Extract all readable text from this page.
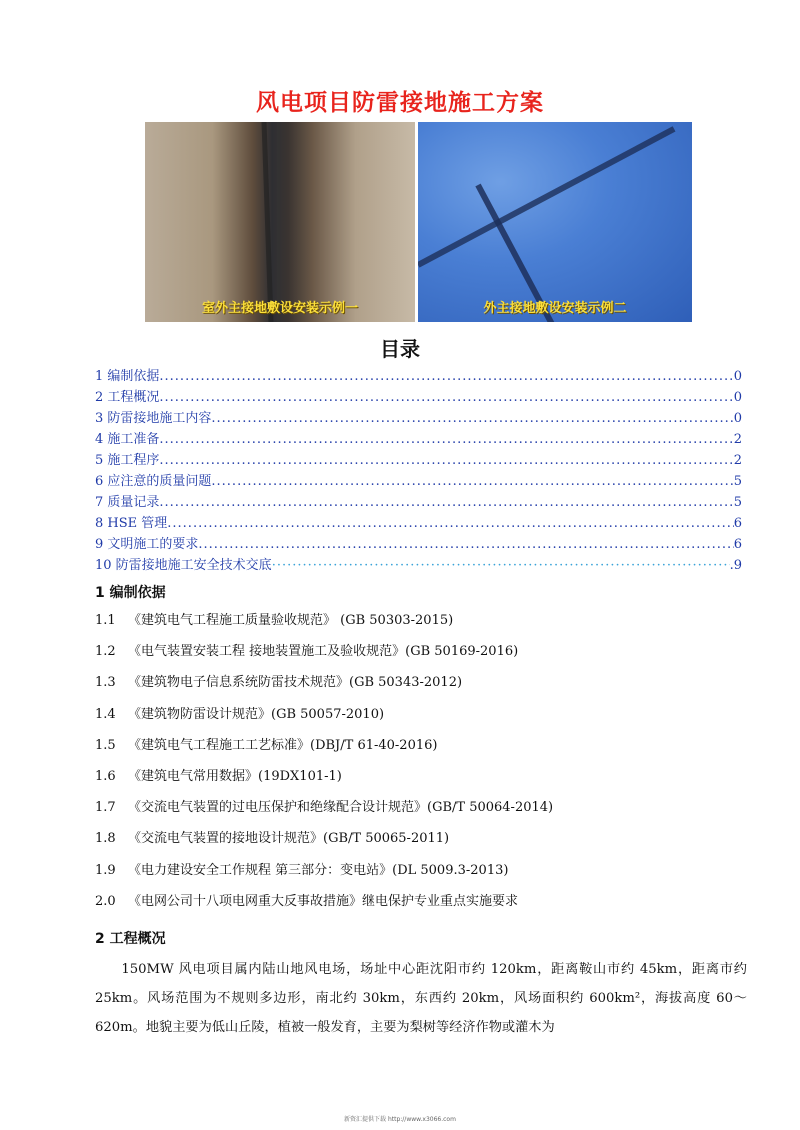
风电项目防雷接地施工方案
室外主接地敷设安装示例一	外主接地敷设安装示例二
目录
1 编制依据 .....	0
2 工程概况 .....	0
3 防雷接地施工内容 .....	0
4 施工准备 .....	2
5 施工程序 .....	2
6 应注意的质量问题 .....	5
7 质量记录 .....	5
8 HSE 管理 .....	6
9 文明施工的要求 .....	6
10 防雷接地施工安全技术交底 ·····	.9
1 编制依据
1.1 《建筑电气工程施工质量验收规范》 (GB 50303-2015)
1.2 《电气装置安装工程 接地装置施工及验收规范》(GB 50169-2016)
1.3 《建筑物电子信息系统防雷技术规范》(GB 50343-2012)
1.4 《建筑物防雷设计规范》(GB 50057-2010)
1.5 《建筑电气工程施工工艺标准》(DBJ/T 61-40-2016)
1.6 《建筑电气常用数据》(19DX101-1)
1.7 《交流电气装置的过电压保护和绝缘配合设计规范》(GB/T 50064-2014)
1.8 《交流电气装置的接地设计规范》(GB/T 50065-2011)
1.9 《电力建设安全工作规程 第三部分：变电站》(DL 5009.3-2013)
2.0 《电网公司十八项电网重大反事故措施》继电保护专业重点实施要求
2 工程概况

150MW 风电项目属内陆山地风电场，场址中心距沈阳市约 120km，距离鞍山市约 45km，距离市约 25km。风场范围为不规则多边形，南北约 30km，东西约 20km，风场面积约 600km²，海拔高度 60～620m。地貌主要为低山丘陵，植被一般发育，主要为梨树等经济作物或灌木为

新资汇提供下载 http://www.x3066.com
